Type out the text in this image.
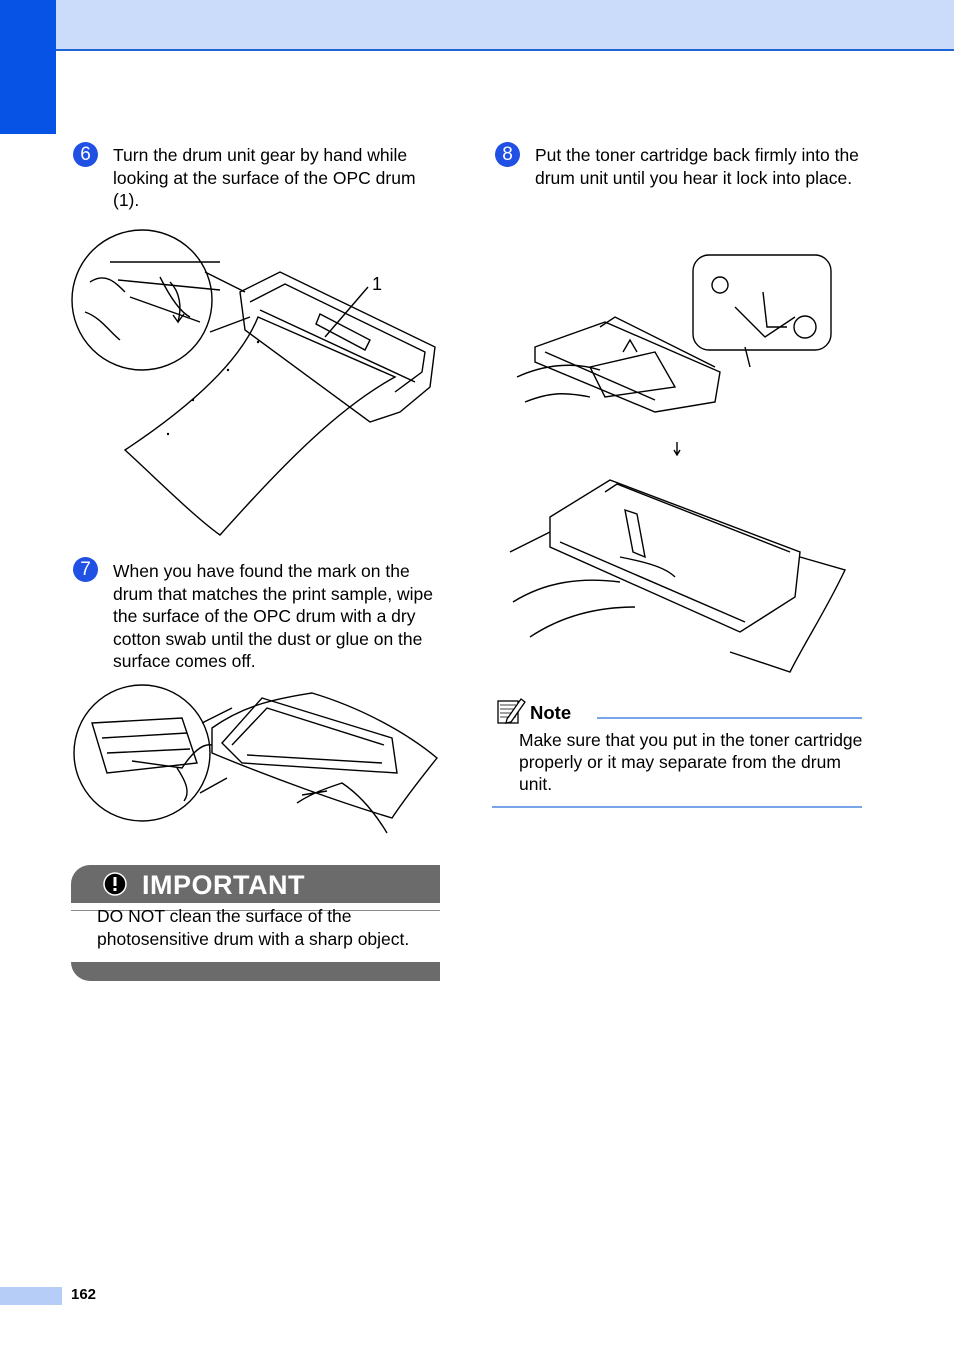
6	Turn the drum unit gear by hand while looking at the surface of the OPC drum (1).

1
7	When you have found the mark on the drum that matches the print sample, wipe the surface of the OPC drum with a dry cotton swab until the dust or glue on the surface comes off.

IMPORTANT

DO NOT clean the surface of the photosensitive drum with a sharp object.

8	Put the toner cartridge back firmly into the drum unit until you hear it lock into place.

Note

Make sure that you put in the toner cartridge properly or it may separate from the drum unit.

162
